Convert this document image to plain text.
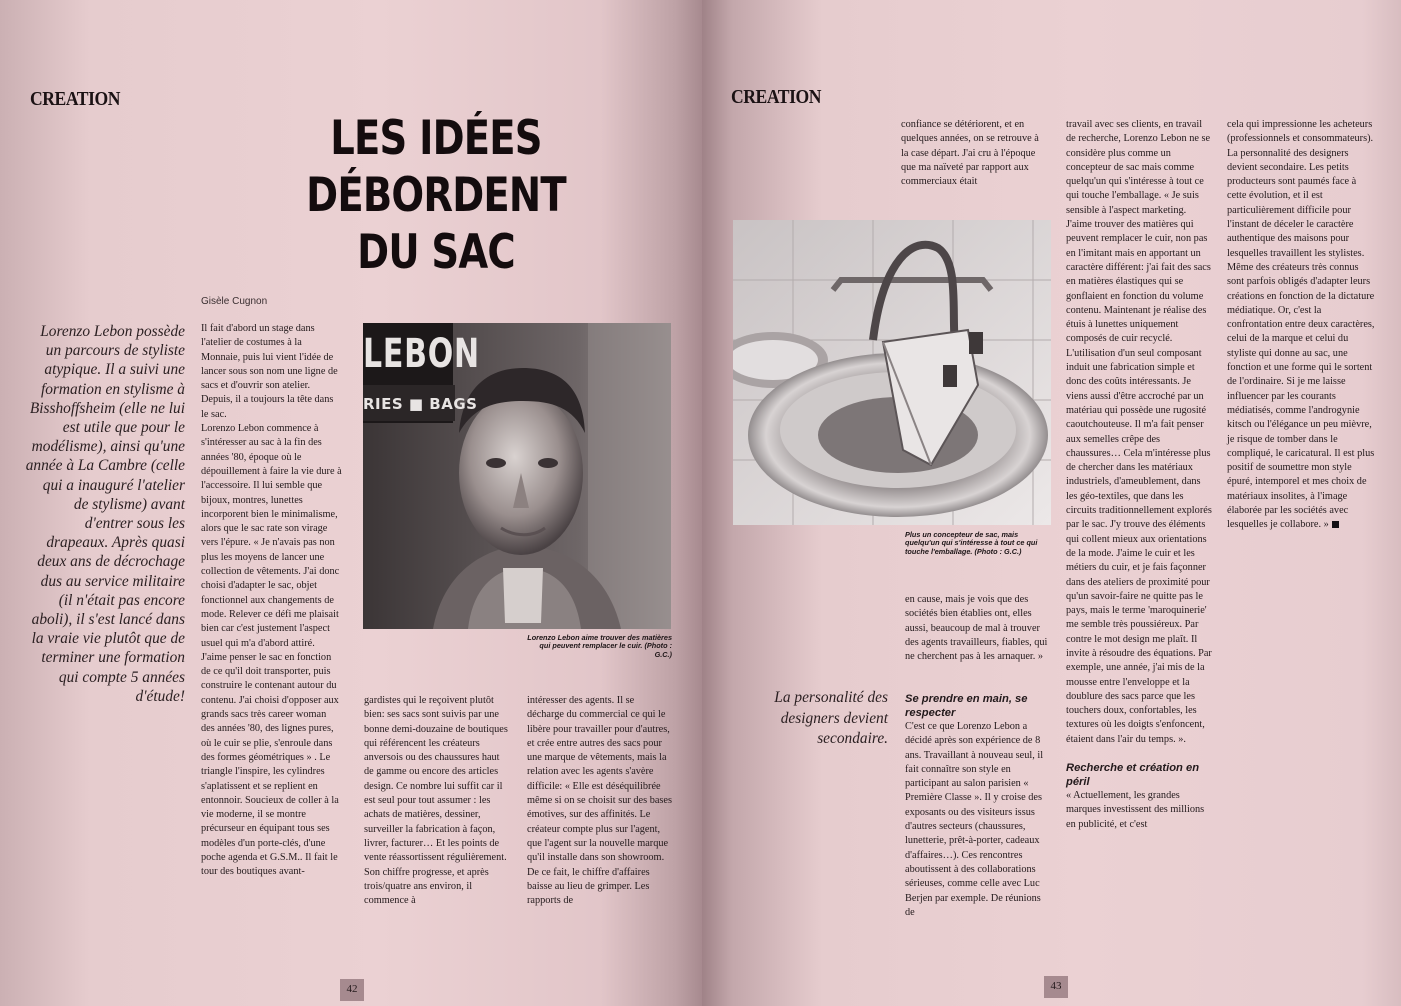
CREATION
LES IDÉES
DÉBORDENT DU SAC
Gisèle Cugnon
Lorenzo Lebon possède un parcours de styliste atypique. Il a suivi une formation en stylisme à Bisshoffsheim (elle ne lui est utile que pour le modélisme), ainsi qu'une année à La Cambre (celle qui a inauguré l'atelier de stylisme) avant d'entrer sous les drapeaux. Après quasi deux ans de décrochage dus au service militaire (il n'était pas encore aboli), il s'est lancé dans la vraie vie plutôt que de terminer une formation qui compte 5 années d'étude!
Il fait d'abord un stage dans l'atelier de costumes à la Monnaie, puis lui vient l'idée de lancer sous son nom une ligne de sacs et d'ouvrir son atelier. Depuis, il a toujours la tête dans le sac.
Lorenzo Lebon commence à s'intéresser au sac à la fin des années '80, époque où le dépouillement à faire la vie dure à l'accessoire. Il lui semble que bijoux, montres, lunettes incorporent bien le minimalisme, alors que le sac rate son virage vers l'épure. « Je n'avais pas non plus les moyens de lancer une collection de vêtements. J'ai donc choisi d'adapter le sac, objet fonctionnel aux changements de mode. Relever ce défi me plaisait bien car c'est justement l'aspect usuel qui m'a d'abord attiré. J'aime penser le sac en fonction de ce qu'il doit transporter, puis construire le contenant autour du contenu. J'ai choisi d'opposer aux grands sacs très career woman des années '80, des lignes pures, où le cuir se plie, s'enroule dans des formes géométriques » . Le triangle l'inspire, les cylindres s'aplatissent et se replient en entonnoir. Soucieux de coller à la vie moderne, il se montre précurseur en équipant tous ses modèles d'un porte-clés, d'une poche agenda et G.S.M.. Il fait le tour des boutiques avant-
LEBON
RIES ■ BAGS
Lorenzo Lebon aime trouver des matières qui peuvent remplacer le cuir. (Photo : G.C.)
gardistes qui le reçoivent plutôt bien: ses sacs sont suivis par une bonne demi-douzaine de boutiques qui référencent les créateurs anversois ou des chaussures haut de gamme ou encore des articles design. Ce nombre lui suffit car il est seul pour tout assumer : les achats de matières, dessiner, surveiller la fabrication à façon, livrer, facturer… Et les points de vente réassortissent régulièrement. Son chiffre progresse, et après trois/quatre ans environ, il commence à
intéresser des agents. Il se décharge du commercial ce qui le libère pour travailler pour d'autres, et crée entre autres des sacs pour une marque de vêtements, mais la relation avec les agents s'avère difficile: « Elle est déséquilibrée même si on se choisit sur des bases émotives, sur des affinités. Le créateur compte plus sur l'agent, que l'agent sur la nouvelle marque qu'il installe dans son showroom. De ce fait, le chiffre d'affaires baisse au lieu de grimper. Les rapports de
42
CREATION
confiance se détériorent, et en quelques années, on se retrouve à la case départ. J'ai cru à l'époque que ma naïveté par rapport aux commerciaux était
Plus un concepteur de sac, mais quelqu'un qui s'intéresse à tout ce qui touche l'emballage. (Photo : G.C.)
en cause, mais je vois que des sociétés bien établies ont, elles aussi, beaucoup de mal à trouver des agents travailleurs, fiables, qui ne cherchent pas à les arnaquer. »
La personalité des designers devient secondaire.
Se prendre en main, se respecter

C'est ce que Lorenzo Lebon a décidé après son expérience de 8 ans. Travaillant à nouveau seul, il fait connaître son style en participant au salon parisien « Première Classe ». Il y croise des exposants ou des visiteurs issus d'autres secteurs (chaussures, lunetterie, prêt-à-porter, cadeaux d'affaires…). Ces rencontres aboutissent à des collaborations sérieuses, comme celle avec Luc Berjen par exemple. De réunions de

travail avec ses clients, en travail de recherche, Lorenzo Lebon ne se considère plus comme un concepteur de sac mais comme quelqu'un qui s'intéresse à tout ce qui touche l'emballage. « Je suis sensible à l'aspect marketing. J'aime trouver des matières qui peuvent remplacer le cuir, non pas en l'imitant mais en apportant un caractère différent: j'ai fait des sacs en matières élastiques qui se gonflaient en fonction du volume contenu. Maintenant je réalise des étuis à lunettes uniquement composés de cuir recyclé. L'utilisation d'un seul composant induit une fabrication simple et donc des coûts intéressants. Je viens aussi d'être accroché par un matériau qui possède une rugosité caoutchouteuse. Il m'a fait penser aux semelles crêpe des chaussures… Cela m'intéresse plus de chercher dans les matériaux industriels, d'ameublement, dans les géo-textiles, que dans les circuits traditionnellement explorés par le sac. J'y trouve des éléments qui collent mieux aux orientations de la mode. J'aime le cuir et les métiers du cuir, et je fais façonner dans des ateliers de proximité pour qu'un savoir-faire ne quitte pas le pays, mais le terme 'maroquinerie' me semble très poussiéreux. Par contre le mot design me plaît. Il invite à résoudre des équations. Par exemple, une année, j'ai mis de la mousse entre l'enveloppe et la doublure des sacs parce que les touchers doux, confortables, les textures où les doigts s'enfoncent, étaient dans l'air du temps. ».

Recherche et création en péril

« Actuellement, les grandes marques investissent des millions en publicité, et c'est

cela qui impressionne les acheteurs (professionnels et consommateurs). La personnalité des designers devient secondaire. Les petits producteurs sont paumés face à cette évolution, et il est particulièrement difficile pour l'instant de déceler le caractère authentique des maisons pour lesquelles travaillent les stylistes. Même des créateurs très connus sont parfois obligés d'adapter leurs créations en fonction de la dictature médiatique. Or, c'est la confrontation entre deux caractères, celui de la marque et celui du styliste qui donne au sac, une fonction et une forme qui le sortent de l'ordinaire. Si je me laisse influencer par les courants médiatisés, comme l'androgynie kitsch ou l'élégance un peu mièvre, je risque de tomber dans le compliqué, le caricatural. Il est plus positif de soumettre mon style épuré, intemporel et mes choix de matériaux insolites, à l'image élaborée par les sociétés avec lesquelles je collabore. »
43
